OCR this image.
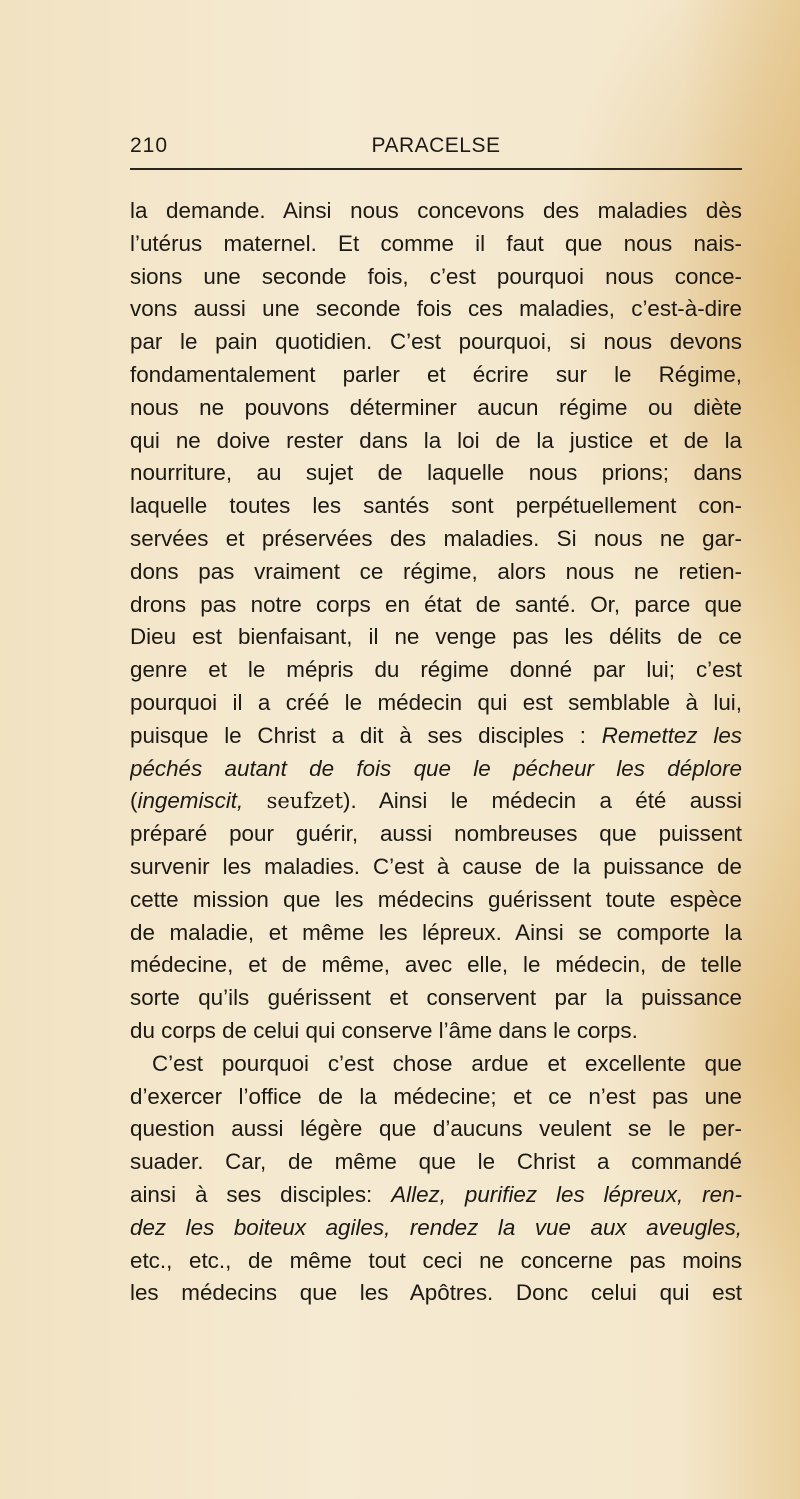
210	PARACELSE
la demande. Ainsi nous concevons des maladies dès
l’utérus maternel. Et comme il faut que nous nais-
sions une seconde fois, c’est pourquoi nous conce-
vons aussi une seconde fois ces maladies, c’est-à-dire
par le pain quotidien. C’est pourquoi, si nous devons
fondamentalement parler et écrire sur le Régime,
nous ne pouvons déterminer aucun régime ou diète
qui ne doive rester dans la loi de la justice et de la
nourriture, au sujet de laquelle nous prions; dans
laquelle toutes les santés sont perpétuellement con-
servées et préservées des maladies. Si nous ne gar-
dons pas vraiment ce régime, alors nous ne retien-
drons pas notre corps en état de santé. Or, parce que
Dieu est bienfaisant, il ne venge pas les délits de ce
genre et le mépris du régime donné par lui; c’est
pourquoi il a créé le médecin qui est semblable à lui,
puisque le Christ a dit à ses disciples : Remettez les
péchés autant de fois que le pécheur les déplore
(ingemiscit, seufzet). Ainsi le médecin a été aussi
préparé pour guérir, aussi nombreuses que puissent
survenir les maladies. C’est à cause de la puissance de
cette mission que les médecins guérissent toute espèce
de maladie, et même les lépreux. Ainsi se comporte la
médecine, et de même, avec elle, le médecin, de telle
sorte qu’ils guérissent et conservent par la puissance
du corps de celui qui conserve l’âme dans le corps.
C’est pourquoi c’est chose ardue et excellente que
d’exercer l’office de la médecine; et ce n’est pas une
question aussi légère que d’aucuns veulent se le per-
suader. Car, de même que le Christ a commandé
ainsi à ses disciples: Allez, purifiez les lépreux, ren-
dez les boiteux agiles, rendez la vue aux aveugles,
etc., etc., de même tout ceci ne concerne pas moins
les médecins que les Apôtres. Donc celui qui est
